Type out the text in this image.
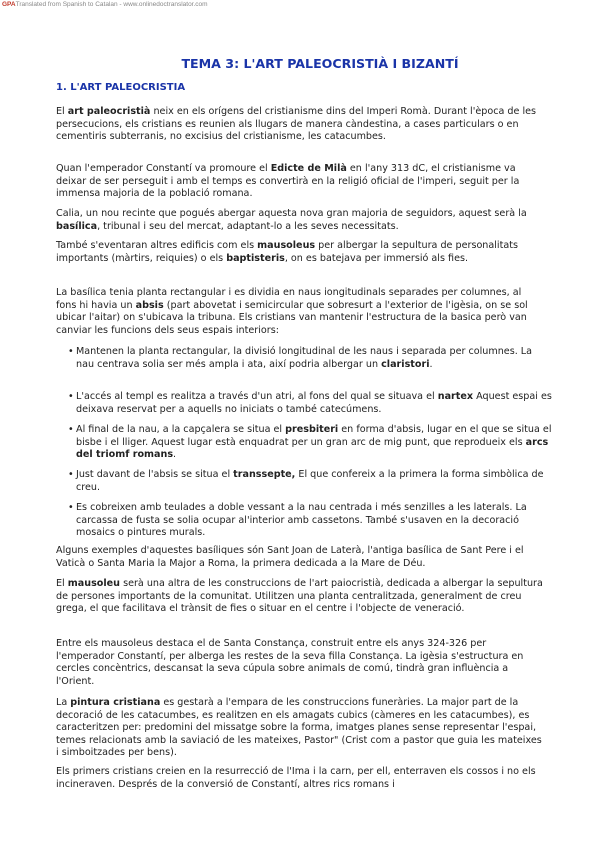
GPATranslated from Spanish to Catalan - www.onlinedoctranslator.com
TEMA 3: L'ART PALEOCRISTIÀ I BIZANTÍ
1. L'ART PALEOCRISTIA

El art paleocristià neix en els orígens del cristianisme dins del Imperi Romà. Durant l'època de les persecucions, els cristians es reunien als llugars de manera càndestina, a cases particulars o en cementiris subterranis, no excisius del cristianisme, les catacumbes.

Quan l'emperador Constantí va promoure el Edicte de Milà en l'any 313 dC, el cristianisme va deixar de ser perseguit i amb el temps es convertirà en la religió oficial de l'imperi, seguit per la immensa majoria de la població romana.

Calia, un nou recinte que pogués abergar aquesta nova gran majoria de seguidors, aquest serà la basílica, tribunal i seu del mercat, adaptant-lo a les seves necessitats.

També s'eventaran altres edificis com els mausoleus per albergar la sepultura de personalitats importants (màrtirs, reiquies) o els baptisteris, on es batejava per immersió als fies.

La basílica tenia planta rectangular i es dividia en naus iongitudinals separades per columnes, al fons hi havia un absis (part abovetat i semicircular que sobresurt a l'exterior de l'igèsia, on se sol ubicar l'aitar) on s'ubicava la tribuna. Els cristians van mantenir l'estructura de la basica però van canviar les funcions dels seus espais interiors:

• Mantenen la planta rectangular, la divisió longitudinal de les naus i separada per columnes. La nau centrava solia ser més ampla i ata, així podria albergar un claristori.

• L'accés al templ es realitza a través d'un atri, al fons del qual se situava el nartex Aquest espai es deixava reservat per a aquells no iniciats o també catecúmens.

• Al final de la nau, a la capçalera se situa el presbiteri en forma d'absis, lugar en el que se situa el bisbe i el lliger. Aquest lugar està enquadrat per un gran arc de mig punt, que reprodueix els arcs del triomf romans.

• Just davant de l'absis se situa el transsepte, El que confereix a la primera la forma simbòlica de creu.

• Es cobreixen amb teulades a doble vessant a la nau centrada i més senzilles a les laterals. La carcassa de fusta se solia ocupar al'interior amb cassetons. També s'usaven en la decoració mosaics o pintures murals.

Alguns exemples d'aquestes basíliques són Sant Joan de Laterà, l'antiga basílica de Sant Pere i el Vaticà o Santa Maria la Major a Roma, la primera dedicada a la Mare de Déu.

El mausoleu serà una altra de les construccions de l'art paiocristià, dedicada a albergar la sepultura de persones importants de la comunitat. Utilitzen una planta centralitzada, generalment de creu grega, el que facilitava el trànsit de fies o situar en el centre i l'objecte de veneració.

Entre els mausoleus destaca el de Santa Constança, construit entre els anys 324-326 per l'emperador Constantí, per alberga les restes de la seva filla Constança. La igèsia s'estructura en cercles concèntrics, descansat la seva cúpula sobre animals de comú, tindrà gran influència a l'Orient.

La pintura cristiana es gestarà a l'empara de les construccions funeràries. La major part de la decoració de les catacumbes, es realitzen en els amagats cubics (càmeres en les catacumbes), es caracteritzen per: predomini del missatge sobre la forma, imatges planes sense representar l'espai, temes relacionats amb la saviació de les mateixes, Pastor" (Crist com a pastor que guia les mateixes i simboitzades per bens).

Els primers cristians creien en la resurrecció de l'Ima i la carn, per ell, enterraven els cossos i no els incineraven. Després de la conversió de Constantí, altres rics romans i
